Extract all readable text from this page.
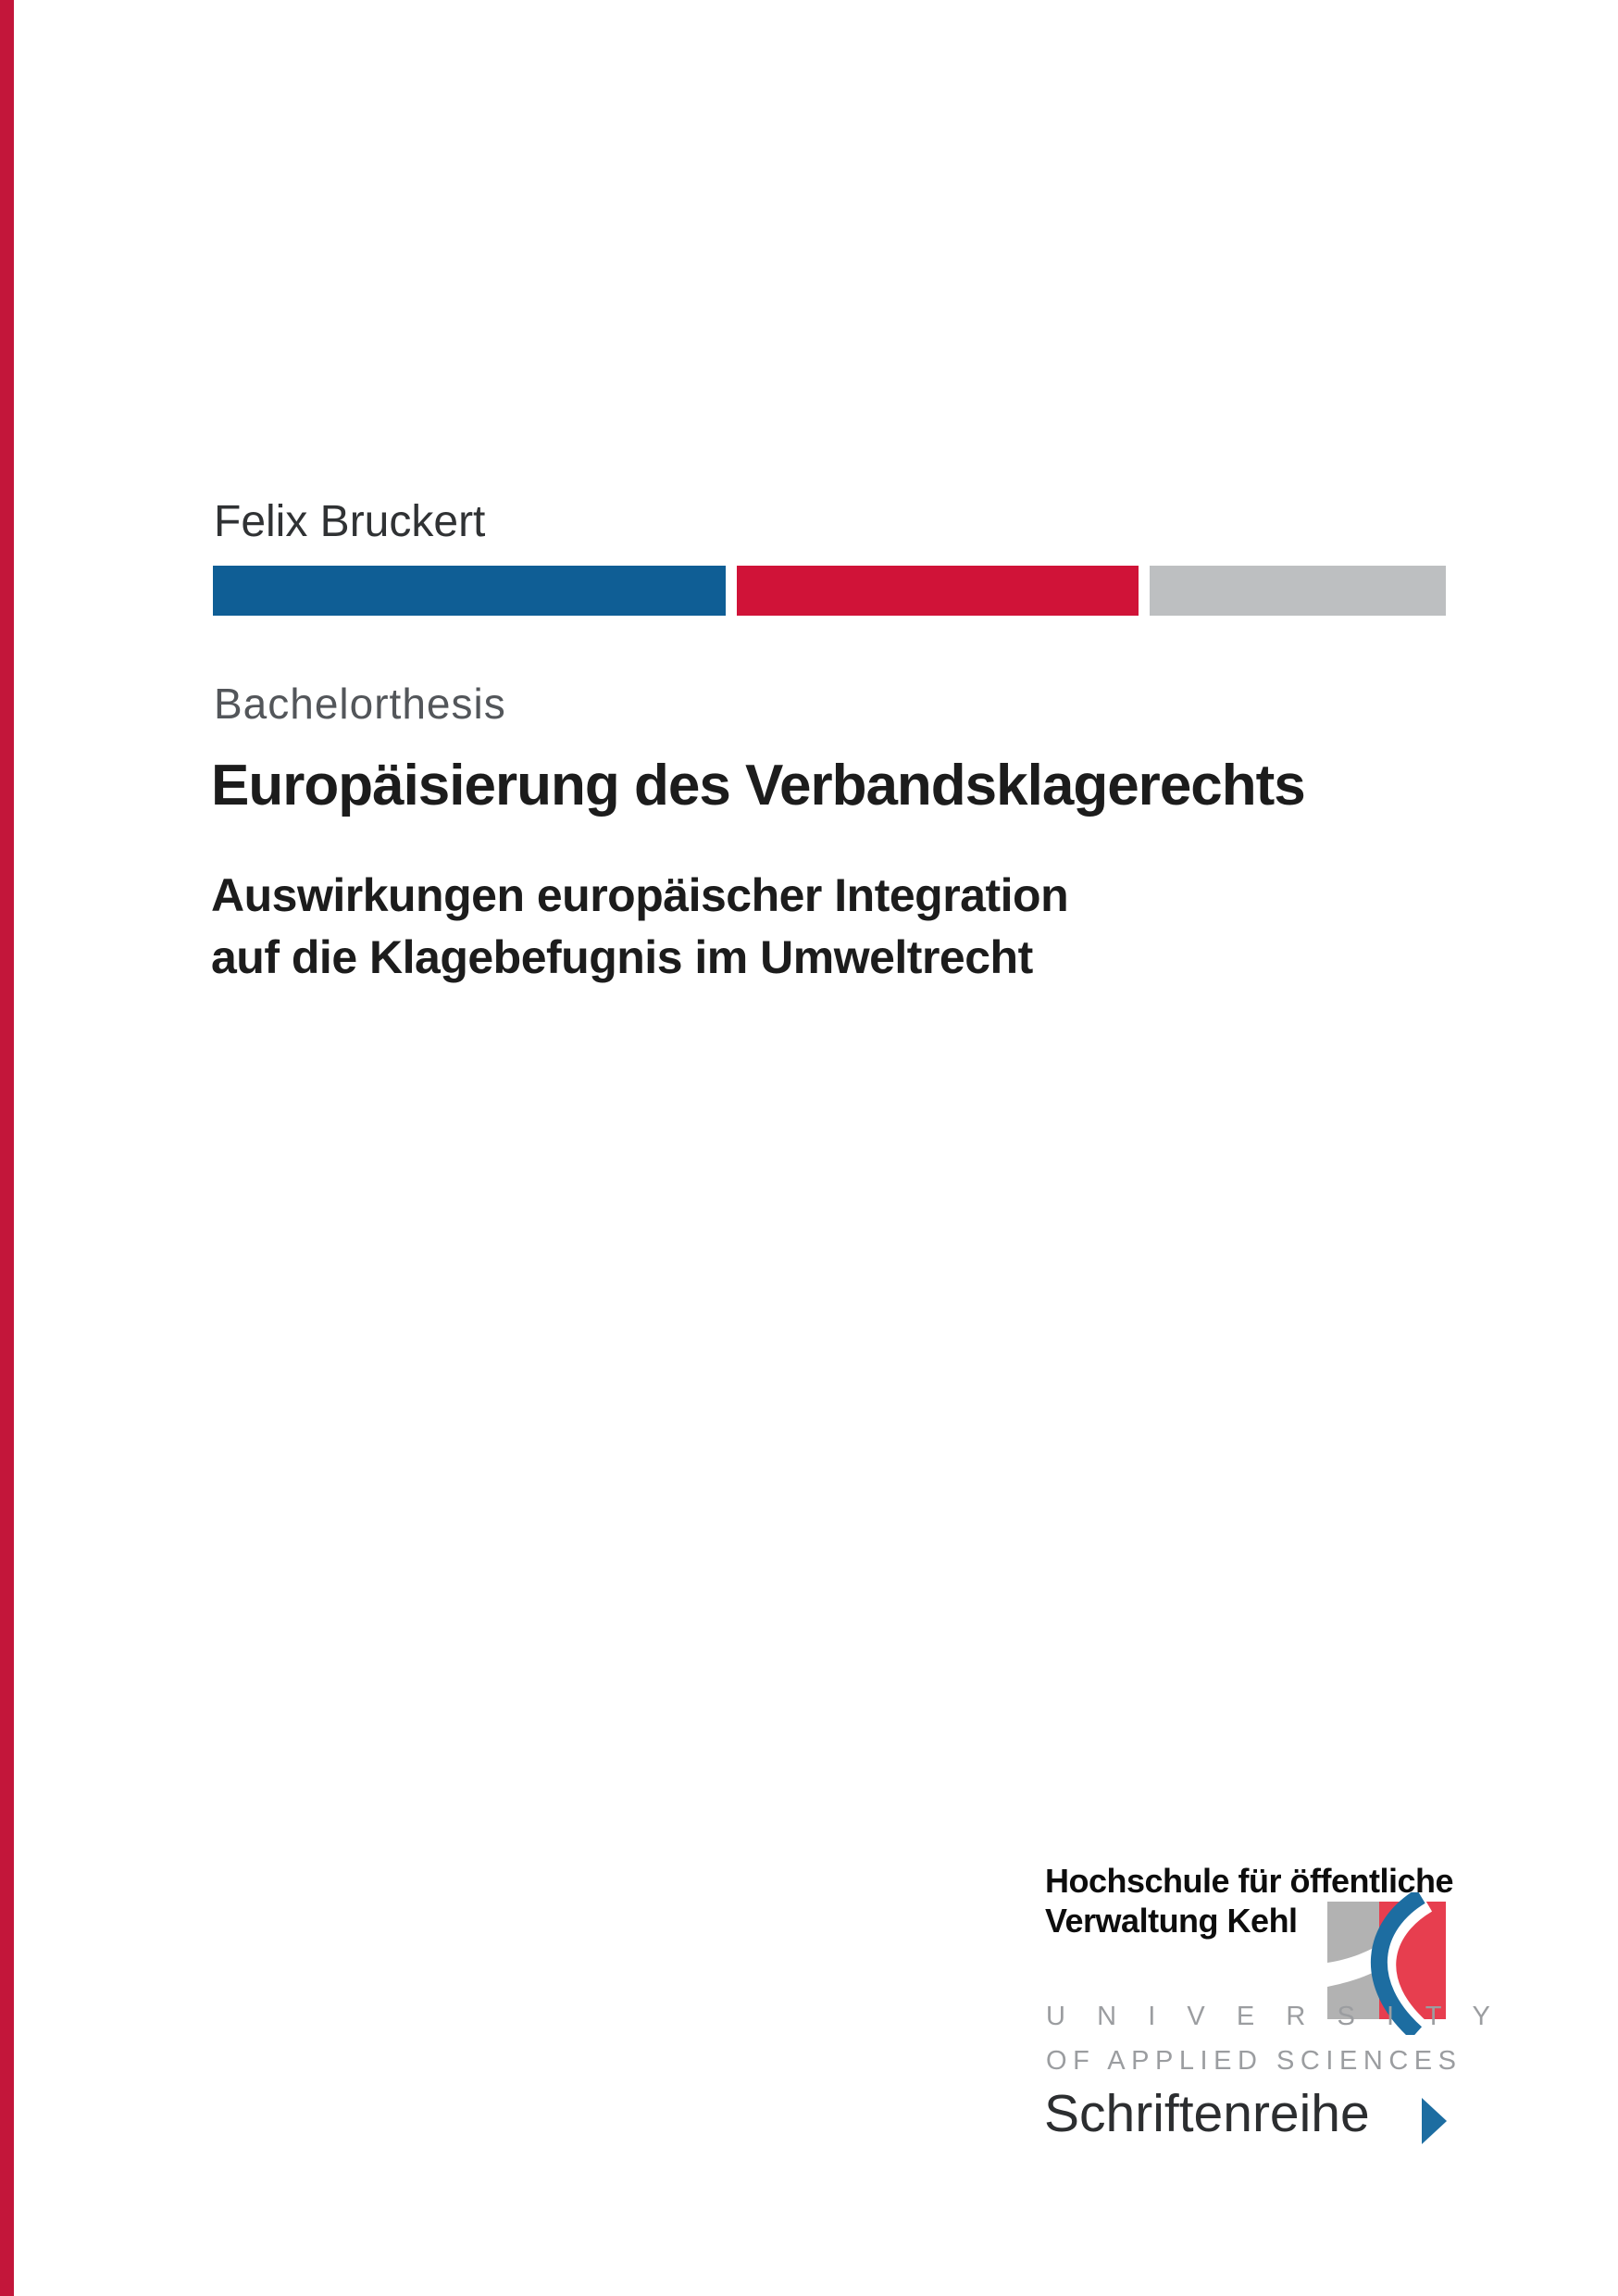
Felix Bruckert
Bachelorthesis
Europäisierung des Verbandsklagerechts
Auswirkungen europäischer Integration
auf die Klagebefugnis im Umweltrecht
Hochschule für öffentliche
Verwaltung Kehl
U N I V E R S I T Y
OF APPLIED SCIENCES
Schriftenreihe
